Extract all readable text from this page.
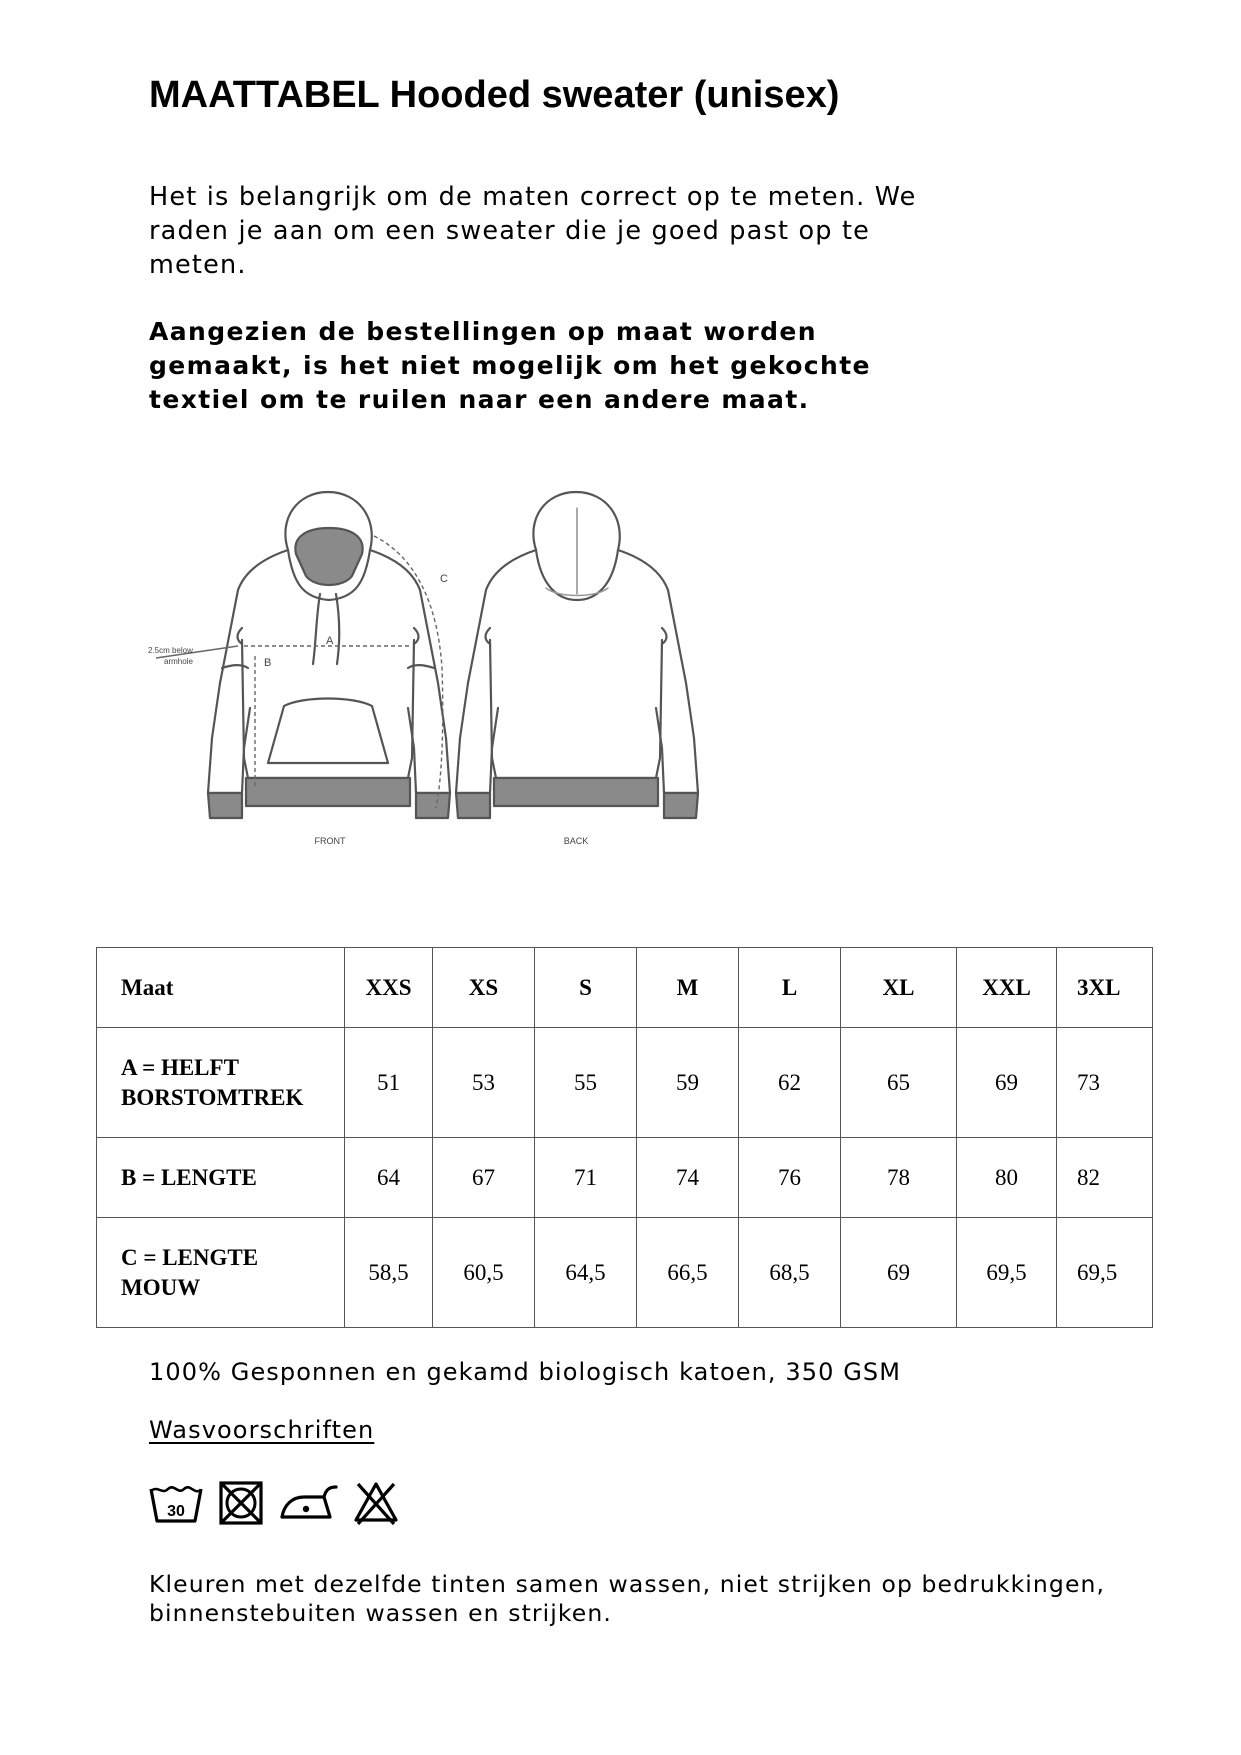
MAATTABEL Hooded sweater (unisex)

Het is belangrijk om de maten correct op te meten. We
raden je aan om een sweater die je goed past op te
meten.

Aangezien de bestellingen op maat worden
gemaakt, is het niet mogelijk om het gekochte
textiel om te ruilen naar een andere maat.

A
B
C
2.5cm below
armhole
FRONT	BACK
Maat	XXS	XS	S	M	L	XL	XXL	3XL
A = HELFT
BORSTOMTREK	51	53	55	59	62	65	69	73
B = LENGTE	64	67	71	74	76	78	80	82
C = LENGTE
MOUW	58,5	60,5	64,5	66,5	68,5	69	69,5	69,5

100% Gesponnen en gekamd biologisch katoen, 350 GSM

Wasvoorschriften

30

Kleuren met dezelfde tinten samen wassen, niet strijken op bedrukkingen,
binnenstebuiten wassen en strijken.
